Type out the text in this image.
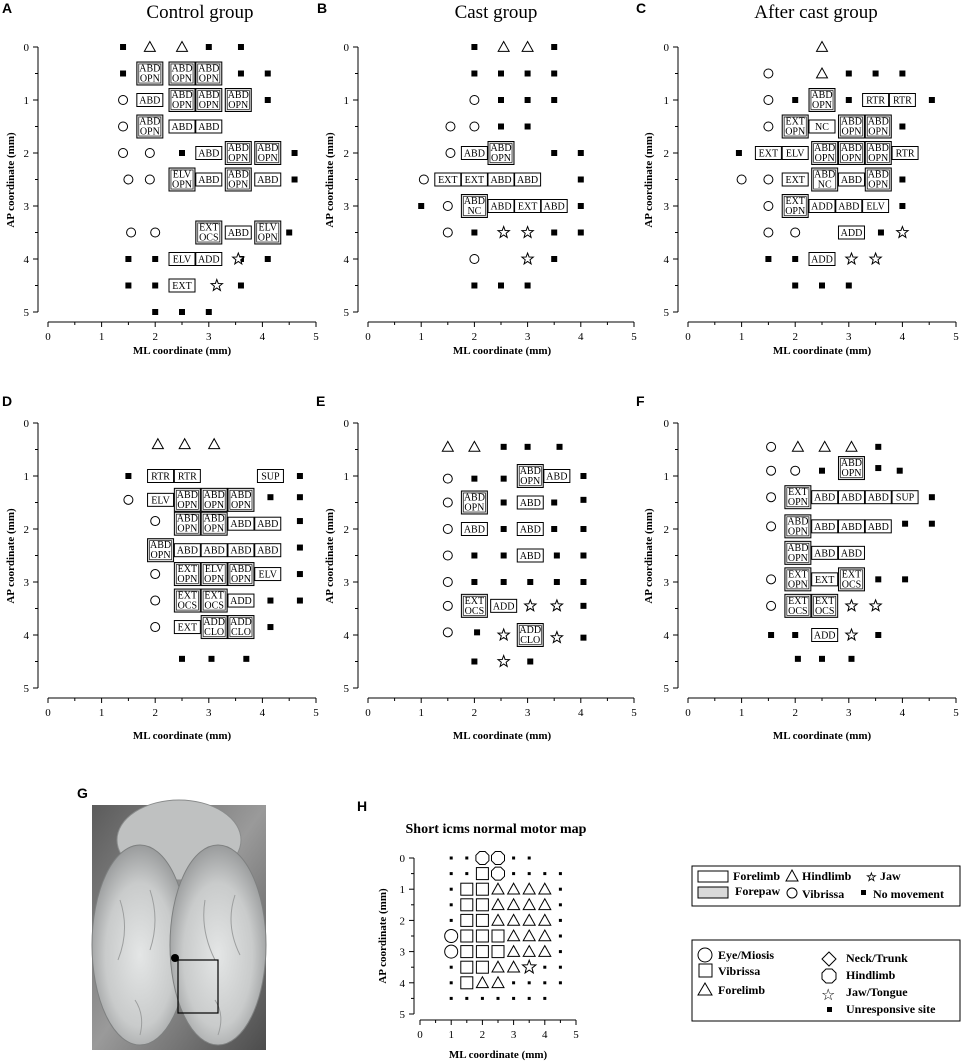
Forelimb Hindlimb ☆ Jaw
Forepaw Vibrissa No movement
Eye/Miosis	Neck/Trunk
Vibrissa	Hindlimb
Forelimb	☆ Jaw/Tongue
Unresponsive site
A	B	C
D	E	F
G
H
0	1	2	3	4	5
0
1
2
3
4
5
ML coordinate (mm)
AP coordinate (mm)
Control group
ABD
OPN
ABD
OPN
ABD
OPN
ABD ABD
OPN
ABD
OPN
ABD
OPN
ABD
OPN ABD ABD
ABD ABD
OPN
ABD
OPN
ELV
OPN ABD ABD
OPN ABD
EXT
OCS ABD ELV
OPN
ELV ADD
EXT
0	1	2	3	4	5
0
1
2
3
4
5
ML coordinate (mm)
AP coordinate (mm)
Cast group
ABD
OPN
ABD
EXT EXT ABD ABD
ABD
NC ABD EXT ABD
0	1	2	3	4	5
0
1
2
3
4
5
ML coordinate (mm)
AP coordinate (mm)
After cast group
ABD
OPN	RTR RTR
EXT
OPN NC ABD
OPN
ABD
OPN
EXT ELV ABD
OPN
ABD
OPN
ABD
OPN RTR
EXT ABD
NC ABD ABD
OPN
EXT
OPN ADD ABD ELV
ADD
ADD
0	1	2	3	4	5
0
1
2
3
4
5
ML coordinate (mm)
AP coordinate (mm)
RTR RTR	SUP
ELV ABD
OPN
ABD
OPN
ABD
OPN
ABD
OPN
ABD
OPN ABD ABD
ABD
OPN ABD ABD ABD ABD
EXT
OPN
ELV
OPN
ABD
OPN ELV
EXT
OCS
EXT
OCS ADD
EXT ADD
CLO
ADD
CLO
0	1	2	3	4	5
0
1
2
3
4
5
ML coordinate (mm)
AP coordinate (mm)
ABD
OPN ABD
ABD
OPN	ABD
ABD	ABD
ABD
EXT
OCS ADD
ADD
CLO
0	1	2	3	4	5
0
1
2
3
4
5
ML coordinate (mm)
AP coordinate (mm)
ABD
OPN
EXT
OPN ABD ABD ABD SUP
ABD
OPN ABD ABD ABD
ABD
OPN ABD ABD
EXT
OPN EXT EXT
OCS
EXT
OCS
EXT
OCS
ADD
0 1 2 3 4 5
0
1
2
3
4
5
ML coordinate (mm)
AP coordinate (mm)
Short icms normal motor map
